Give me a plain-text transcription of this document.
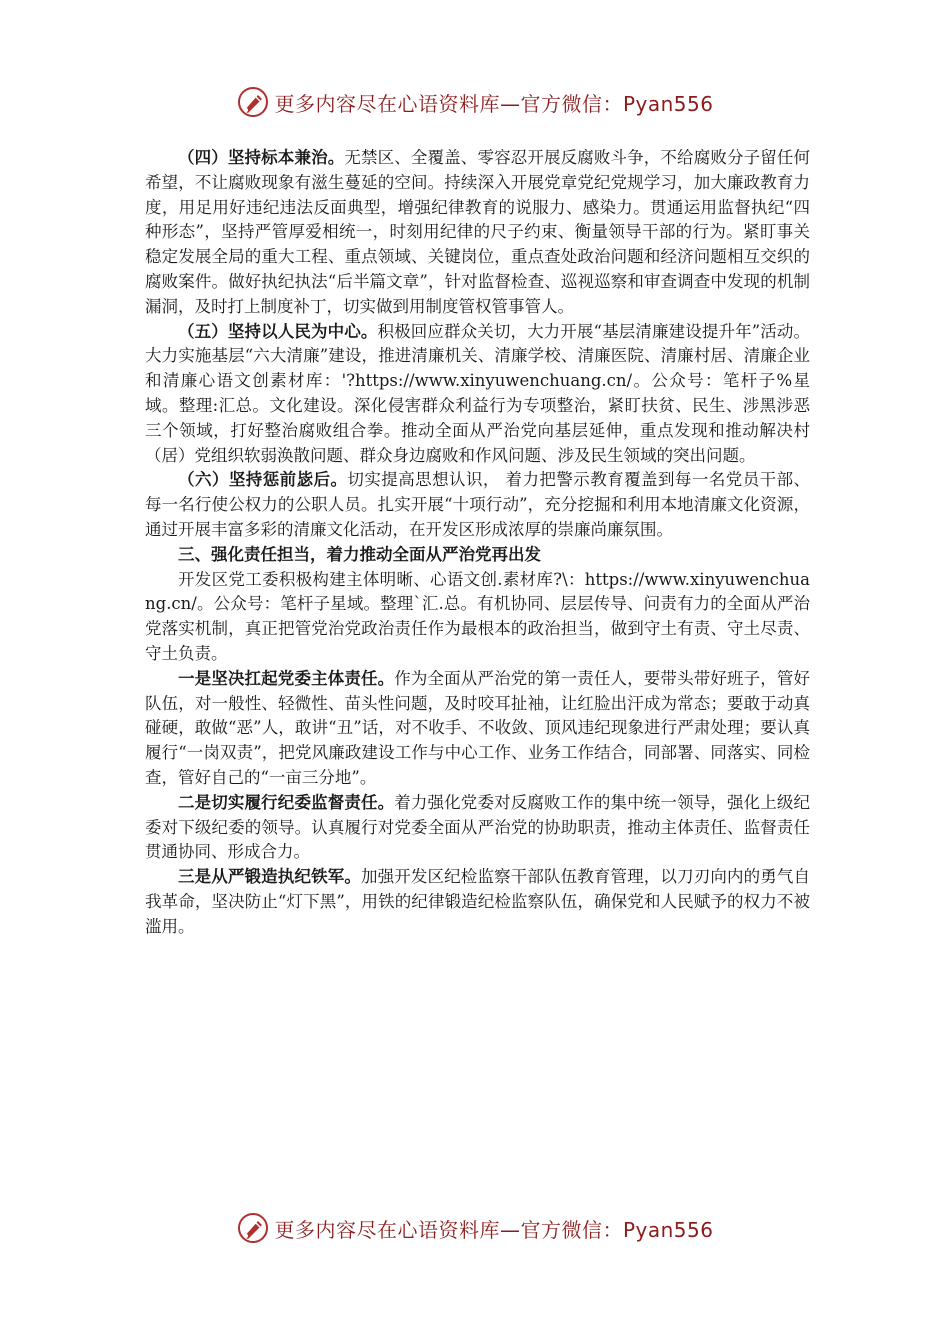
更多内容尽在心语资料库—官方微信：Pyan556

（四）坚持标本兼治。无禁区、全覆盖、零容忍开展反腐败斗争，不给腐败分子留任何希望，不让腐败现象有滋生蔓延的空间。持续深入开展党章党纪党规学习，加大廉政教育力度，用足用好违纪违法反面典型，增强纪律教育的说服力、感染力。贯通运用监督执纪“四种形态”，坚持严管厚爱相统一，时刻用纪律的尺子约束、衡量领导干部的行为。紧盯事关稳定发展全局的重大工程、重点领域、关键岗位，重点查处政治问题和经济问题相互交织的腐败案件。做好执纪执法“后半篇文章”，针对监督检查、巡视巡察和审查调查中发现的机制漏洞，及时打上制度补丁，切实做到用制度管权管事管人。

（五）坚持以人民为中心。积极回应群众关切，大力开展“基层清廉建设提升年”活动。大力实施基层“六大清廉”建设，推进清廉机关、清廉学校、清廉医院、清廉村居、清廉企业和清廉心语文创素材库：'?https://www.xinyuwenchuang.cn/。公众号：笔杆子%星域。整理:汇总。文化建设。深化侵害群众利益行为专项整治，紧盯扶贫、民生、涉黑涉恶三个领域，打好整治腐败组合拳。推动全面从严治党向基层延伸，重点发现和推动解决村（居）党组织软弱涣散问题、群众身边腐败和作风问题、涉及民生领域的突出问题。

（六）坚持惩前毖后。切实提高思想认识， 着力把警示教育覆盖到每一名党员干部、每一名行使公权力的公职人员。扎实开展“十项行动”，充分挖掘和利用本地清廉文化资源，通过开展丰富多彩的清廉文化活动，在开发区形成浓厚的崇廉尚廉氛围。

三、强化责任担当，着力推动全面从严治党再出发

开发区党工委积极构建主体明晰、心语文创.素材库?\：https://www.xinyuwenchuang.cn/。公众号：笔杆子星域。整理`汇.总。有机协同、层层传导、问责有力的全面从严治党落实机制，真正把管党治党政治责任作为最根本的政治担当，做到守土有责、守土尽责、守土负责。

一是坚决扛起党委主体责任。作为全面从严治党的第一责任人，要带头带好班子，管好队伍，对一般性、轻微性、苗头性问题，及时咬耳扯袖，让红脸出汗成为常态；要敢于动真碰硬，敢做“恶”人，敢讲“丑”话，对不收手、不收敛、顶风违纪现象进行严肃处理；要认真履行“一岗双责”，把党风廉政建设工作与中心工作、业务工作结合，同部署、同落实、同检查，管好自己的“一亩三分地”。

二是切实履行纪委监督责任。着力强化党委对反腐败工作的集中统一领导，强化上级纪委对下级纪委的领导。认真履行对党委全面从严治党的协助职责，推动主体责任、监督责任贯通协同、形成合力。

三是从严锻造执纪铁军。加强开发区纪检监察干部队伍教育管理，以刀刃向内的勇气自我革命，坚决防止“灯下黑”，用铁的纪律锻造纪检监察队伍，确保党和人民赋予的权力不被滥用。

更多内容尽在心语资料库—官方微信：Pyan556
